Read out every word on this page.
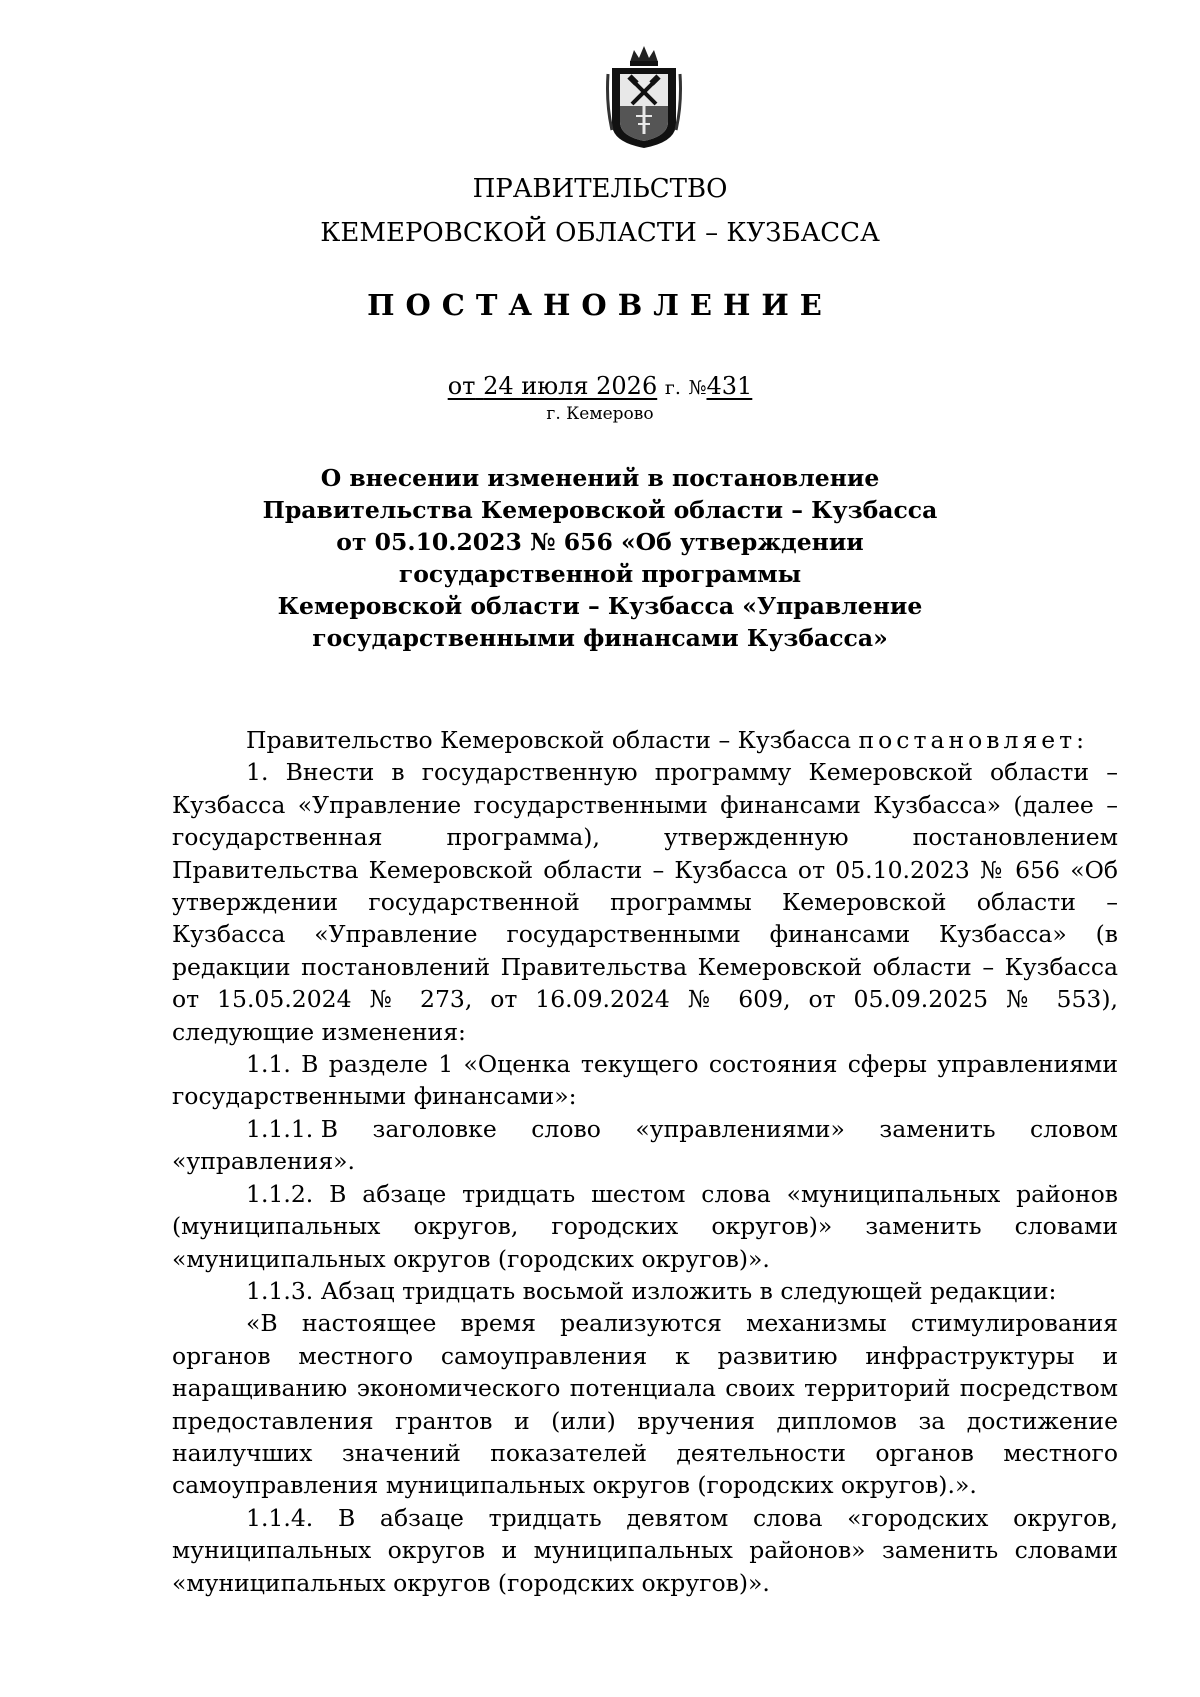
ПРАВИТЕЛЬСТВО
КЕМЕРОВСКОЙ ОБЛАСТИ – КУЗБАССА
ПОСТАНОВЛЕНИЕ
от 24 июля 2026 г. №431
г. Кемерово
О внесении изменений в постановление
Правительства Кемеровской области – Кузбасса
от 05.10.2023 № 656 «Об утверждении
государственной программы
Кемеровской области – Кузбасса «Управление
государственными финансами Кузбасса»

Правительство Кемеровской области – Кузбасса постановляет:

1. Внести в государственную программу Кемеровской области – Кузбасса «Управление государственными финансами Кузбасса» (далее – государственная программа), утвержденную постановлением Правительства Кемеровской области – Кузбасса от 05.10.2023 № 656 «Об утверждении государственной программы Кемеровской области – Кузбасса «Управление государственными финансами Кузбасса» (в редакции постановлений Правительства Кемеровской области – Кузбасса от 15.05.2024 № 273, от 16.09.2024 № 609, от 05.09.2025 № 553), следующие изменения:

1.1. В разделе 1 «Оценка текущего состояния сферы управлениями государственными финансами»:

1.1.1. В заголовке слово «управлениями» заменить словом

«управления».

1.1.2. В абзаце тридцать шестом слова «муниципальных районов (муниципальных округов, городских округов)» заменить словами «муниципальных округов (городских округов)».

1.1.3. Абзац тридцать восьмой изложить в следующей редакции:

«В настоящее время реализуются механизмы стимулирования органов местного самоуправления к развитию инфраструктуры и наращиванию экономического потенциала своих территорий посредством предоставления грантов и (или) вручения дипломов за достижение наилучших значений показателей деятельности органов местного самоуправления муниципальных округов (городских округов).».

1.1.4. В абзаце тридцать девятом слова «городских округов, муниципальных округов и муниципальных районов» заменить словами «муниципальных округов (городских округов)».
